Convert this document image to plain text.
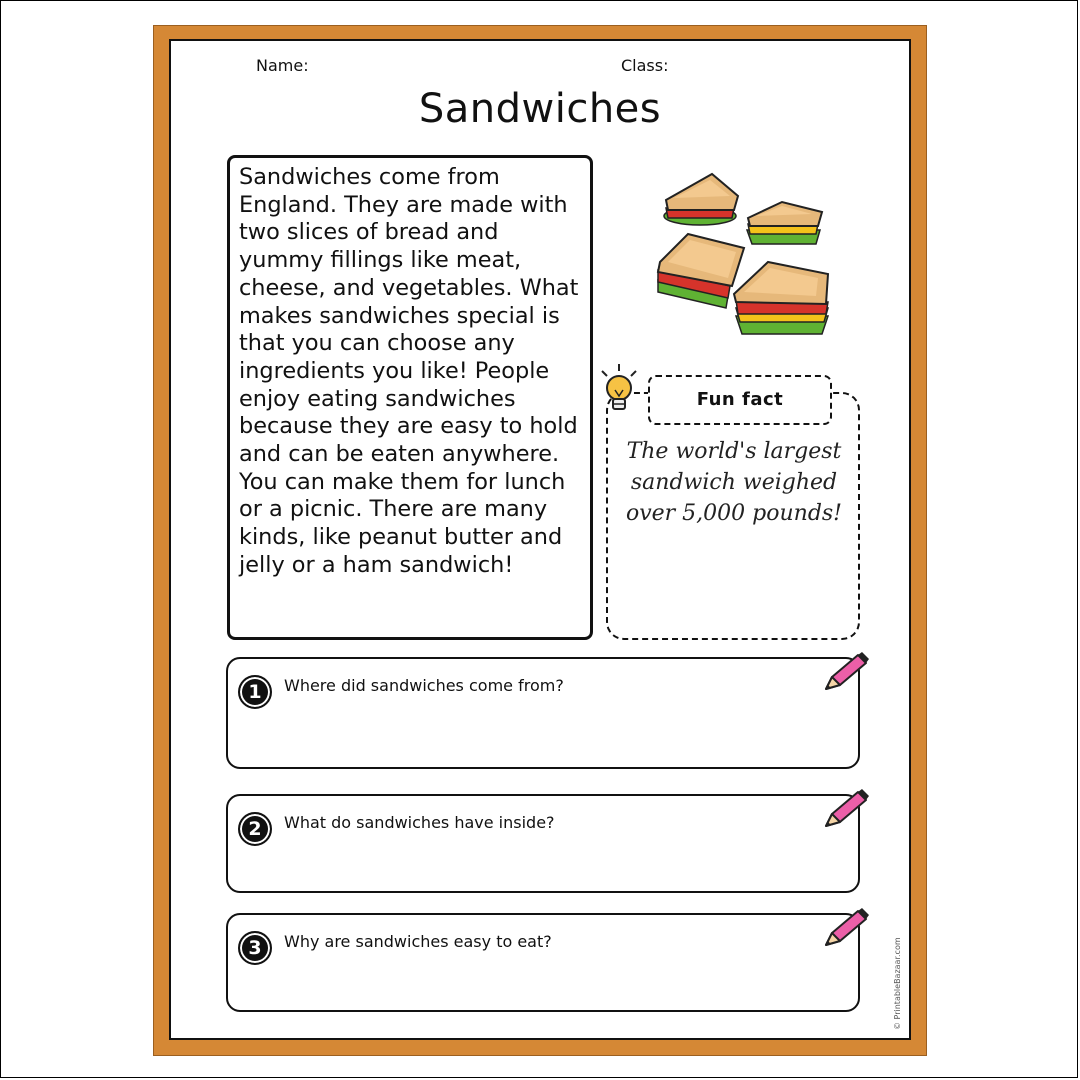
Name:	Class:
Sandwiches
Sandwiches come from England. They are made with two slices of bread and yummy fillings like meat, cheese, and vegetables. What makes sandwiches special is that you can choose any ingredients you like! People enjoy eating sandwiches because they are easy to hold and can be eaten anywhere. You can make them for lunch or a picnic. There are many kinds, like peanut butter and jelly or a ham sandwich!
Fun fact
The world's largest sandwich weighed over 5,000 pounds!
1	Where did sandwiches come from?
2	What do sandwiches have inside?
3	Why are sandwiches easy to eat?	© PrintableBazaar.com
